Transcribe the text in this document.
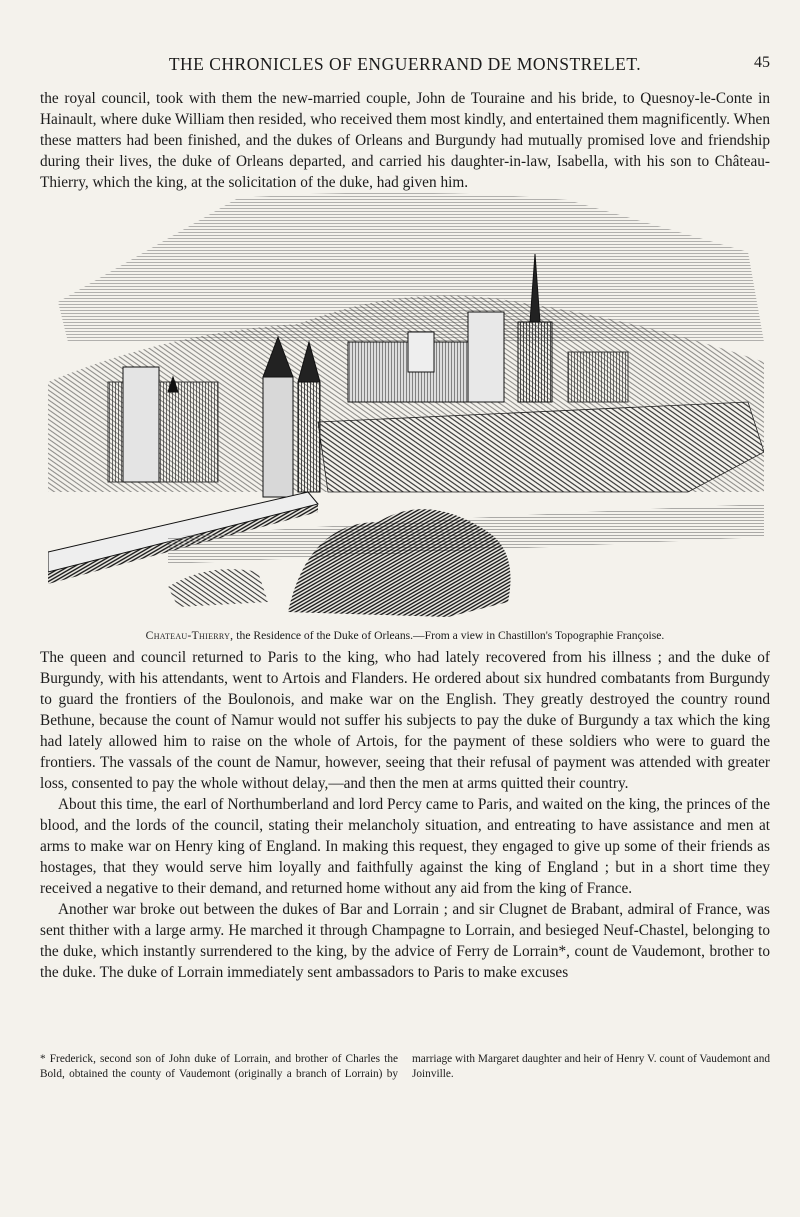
THE CHRONICLES OF ENGUERRAND DE MONSTRELET.	45

the royal council, took with them the new-married couple, John de Touraine and his bride, to Quesnoy-le-Conte in Hainault, where duke William then resided, who received them most kindly, and entertained them magnificently. When these matters had been finished, and the dukes of Orleans and Burgundy had mutually promised love and friendship during their lives, the duke of Orleans departed, and carried his daughter-in-law, Isabella, with his son to Château-Thierry, which the king, at the solicitation of the duke, had given him.

Chateau-Thierry, the Residence of the Duke of Orleans.—From a view in Chastillon's Topographie Françoise.

The queen and council returned to Paris to the king, who had lately recovered from his illness ; and the duke of Burgundy, with his attendants, went to Artois and Flanders. He ordered about six hundred combatants from Burgundy to guard the frontiers of the Boulonois, and make war on the English. They greatly destroyed the country round Bethune, because the count of Namur would not suffer his subjects to pay the duke of Burgundy a tax which the king had lately allowed him to raise on the whole of Artois, for the payment of these soldiers who were to guard the frontiers. The vassals of the count de Namur, however, seeing that their refusal of payment was attended with greater loss, consented to pay the whole without delay,—and then the men at arms quitted their country.

About this time, the earl of Northumberland and lord Percy came to Paris, and waited on the king, the princes of the blood, and the lords of the council, stating their melancholy situation, and entreating to have assistance and men at arms to make war on Henry king of England. In making this request, they engaged to give up some of their friends as hostages, that they would serve him loyally and faithfully against the king of England ; but in a short time they received a negative to their demand, and returned home without any aid from the king of France.

Another war broke out between the dukes of Bar and Lorrain ; and sir Clugnet de Brabant, admiral of France, was sent thither with a large army. He marched it through Champagne to Lorrain, and besieged Neuf-Chastel, belonging to the duke, which instantly surrendered to the king, by the advice of Ferry de Lorrain*, count de Vaudemont, brother to the duke. The duke of Lorrain immediately sent ambassadors to Paris to make excuses

* Frederick, second son of John duke of Lorrain, and brother of Charles the Bold, obtained the county of Vaudemont (originally a branch of Lorrain) by marriage with Margaret daughter and heir of Henry V. count of Vaudemont and Joinville.
